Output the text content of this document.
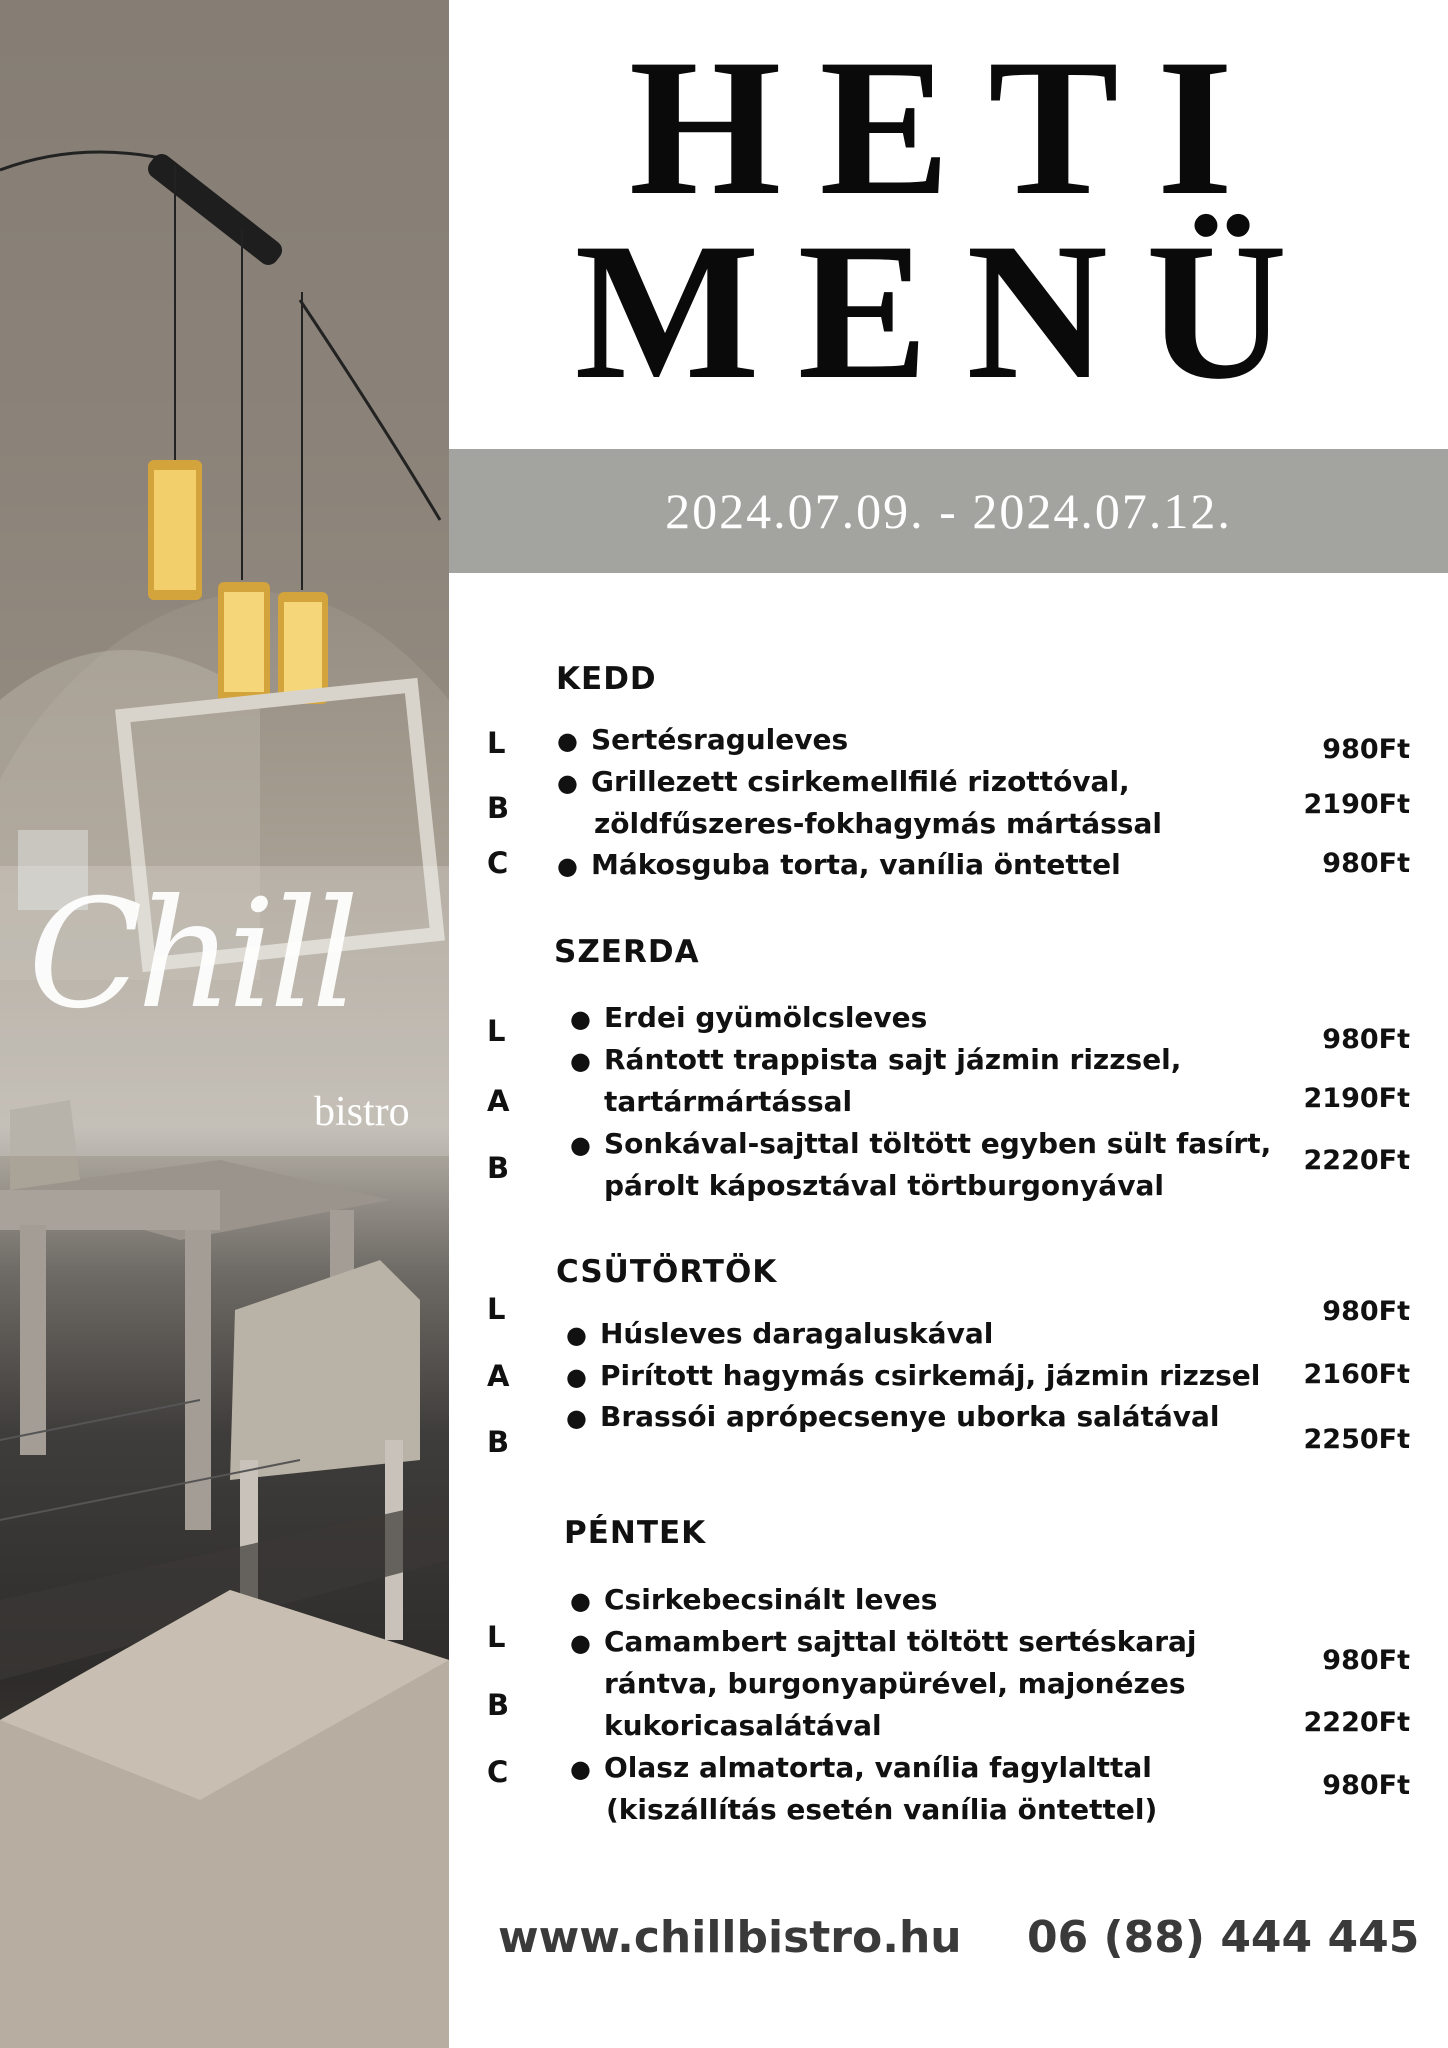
Chill
bistro
HETI
MENÜ
2024.07.09. - 2024.07.12.
KEDD
L
B
C
● Sertésraguleves
● Grillezett csirkemellfilé rizottóval,
zöldfűszeres-fokhagymás mártással
● Mákosguba torta, vanília öntettel
980Ft
2190Ft
980Ft
SZERDA
L
A
B
● Erdei gyümölcsleves
● Rántott trappista sajt jázmin rizzsel,
tartármártással
● Sonkával-sajttal töltött egyben sült fasírt,
párolt káposztával törtburgonyával
980Ft
2190Ft
2220Ft
CSÜTÖRTÖK
L
A
B
● Húsleves daragaluskával
● Pirított hagymás csirkemáj, jázmin rizzsel
● Brassói aprópecsenye uborka salátával
980Ft
2160Ft
2250Ft
PÉNTEK
L
B
C
● Csirkebecsinált leves
● Camambert sajttal töltött sertéskaraj
rántva, burgonyapürével, majonézes
kukoricasalátával
● Olasz almatorta, vanília fagylalttal
(kiszállítás esetén vanília öntettel)
980Ft
2220Ft
980Ft
www.chillbistro.hu 06 (88) 444 445
